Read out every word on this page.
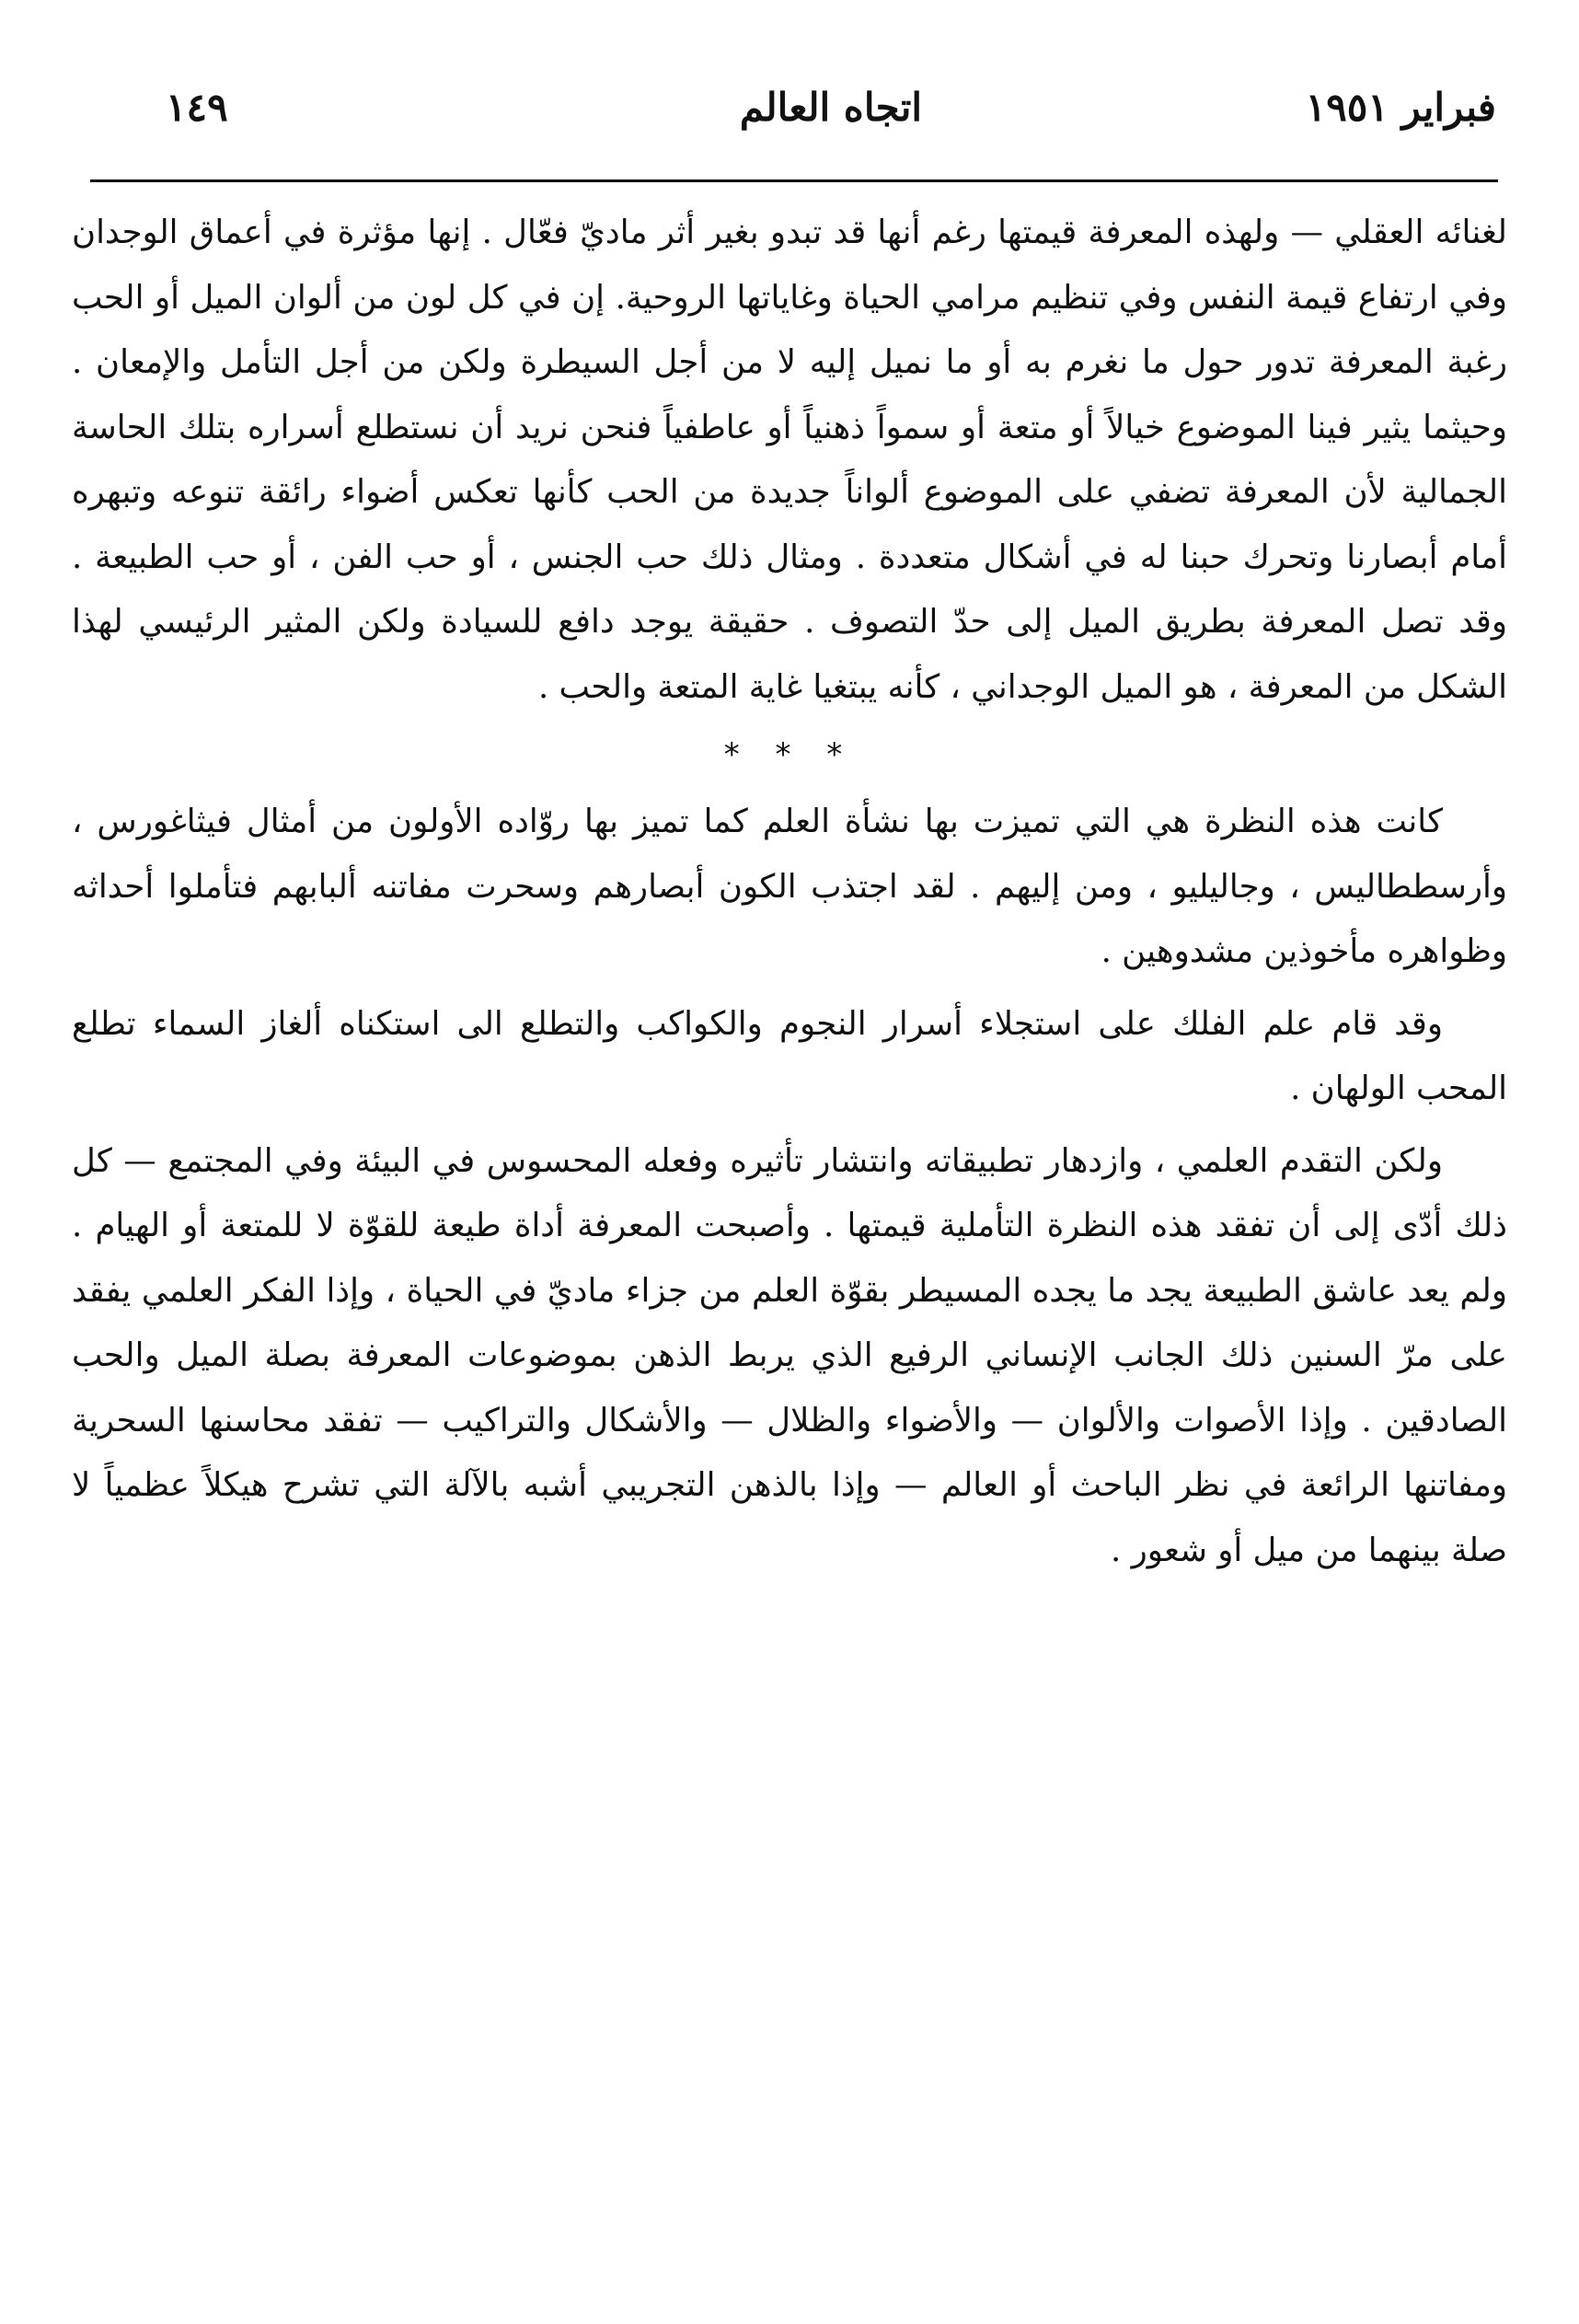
فبراير ١٩٥١
اتجاه العالم
١٤٩

لغنائه العقلي — ولهذه المعرفة قيمتها رغم أنها قد تبدو بغير أثر ماديّ فعّال . إنها مؤثرة في أعماق الوجدان وفي ارتفاع قيمة النفس وفي تنظيم مرامي الحياة وغاياتها الروحية. إن في كل لون من ألوان الميل أو الحب رغبة المعرفة تدور حول ما نغرم به أو ما نميل إليه لا من أجل السيطرة ولكن من أجل التأمل والإمعان . وحيثما يثير فينا الموضوع خيالاً أو متعة أو سمواً ذهنياً أو عاطفياً فنحن نريد أن نستطلع أسراره بتلك الحاسة الجمالية لأن المعرفة تضفي على الموضوع ألواناً جديدة من الحب كأنها تعكس أضواء رائقة تنوعه وتبهره أمام أبصارنا وتحرك حبنا له في أشكال متعددة . ومثال ذلك حب الجنس ، أو حب الفن ، أو حب الطبيعة . وقد تصل المعرفة بطريق الميل إلى حدّ التصوف . حقيقة يوجد دافع للسيادة ولكن المثير الرئيسي لهذا الشكل من المعرفة ، هو الميل الوجداني ، كأنه يبتغيا غاية المتعة والحب .

* * *

كانت هذه النظرة هي التي تميزت بها نشأة العلم كما تميز بها روّاده الأولون من أمثال فيثاغورس ، وأرسططاليس ، وجاليليو ، ومن إليهم . لقد اجتذب الكون أبصارهم وسحرت مفاتنه ألبابهم فتأملوا أحداثه وظواهره مأخوذين مشدوهين .

وقد قام علم الفلك على استجلاء أسرار النجوم والكواكب والتطلع الى استكناه ألغاز السماء تطلع المحب الولهان .

ولكن التقدم العلمي ، وازدهار تطبيقاته وانتشار تأثيره وفعله المحسوس في البيئة وفي المجتمع — كل ذلك أدّى إلى أن تفقد هذه النظرة التأملية قيمتها . وأصبحت المعرفة أداة طيعة للقوّة لا للمتعة أو الهيام . ولم يعد عاشق الطبيعة يجد ما يجده المسيطر بقوّة العلم من جزاء ماديّ في الحياة ، وإذا الفكر العلمي يفقد على مرّ السنين ذلك الجانب الإنساني الرفيع الذي يربط الذهن بموضوعات المعرفة بصلة الميل والحب الصادقين . وإذا الأصوات والألوان — والأضواء والظلال — والأشكال والتراكيب — تفقد محاسنها السحرية ومفاتنها الرائعة في نظر الباحث أو العالم — وإذا بالذهن التجريبي أشبه بالآلة التي تشرح هيكلاً عظمياً لا صلة بينهما من ميل أو شعور .
